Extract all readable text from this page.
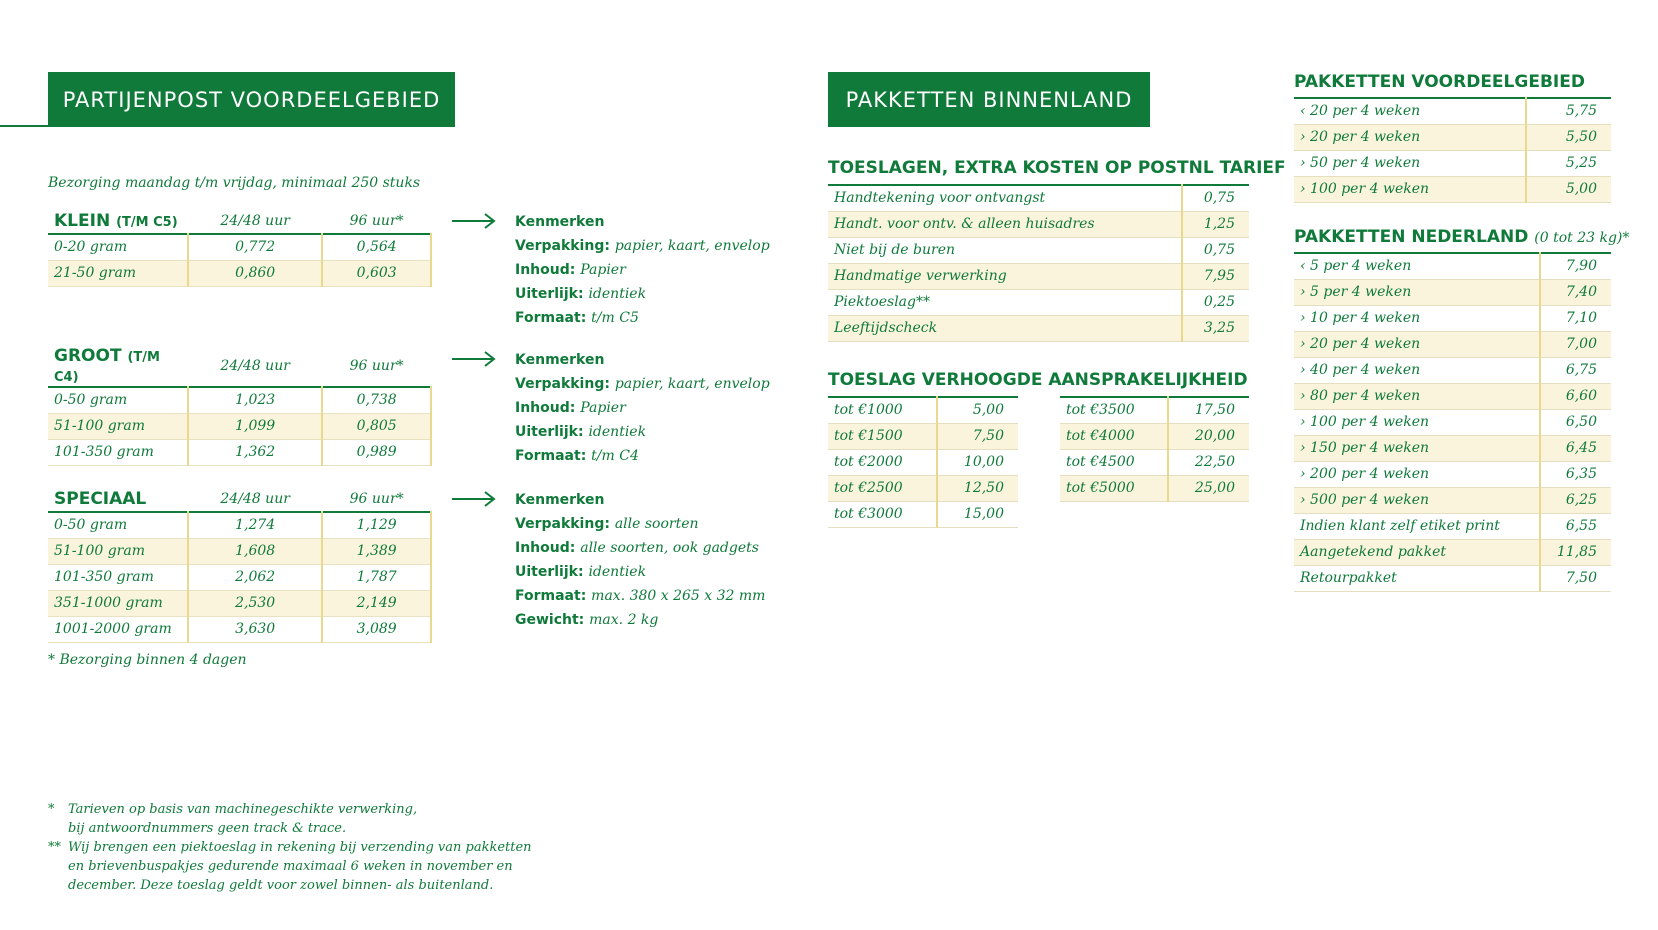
PARTIJENPOST VOORDEELGEBIED
Bezorging maandag t/m vrijdag, minimaal 250 stuks
KLEIN (T/M C5)	24/48 uur	96 uur*
0-20 gram	0,772	0,564
21-50 gram	0,860	0,603
Kenmerken
Verpakking: papier, kaart, envelop
Inhoud: Papier
Uiterlijk: identiek
Formaat: t/m C5
GROOT (T/M C4)	24/48 uur	96 uur*
0-50 gram	1,023	0,738
51-100 gram	1,099	0,805
101-350 gram	1,362	0,989
Kenmerken
Verpakking: papier, kaart, envelop
Inhoud: Papier
Uiterlijk: identiek
Formaat: t/m C4
SPECIAAL	24/48 uur	96 uur*
0-50 gram	1,274	1,129
51-100 gram	1,608	1,389
101-350 gram	2,062	1,787
351-1000 gram	2,530	2,149
1001-2000 gram	3,630	3,089
Kenmerken
Verpakking: alle soorten
Inhoud: alle soorten, ook gadgets
Uiterlijk: identiek
Formaat: max. 380 x 265 x 32 mm
Gewicht: max. 2 kg
* Bezorging binnen 4 dagen
PAKKETTEN BINNENLAND
TOESLAGEN, EXTRA KOSTEN OP POSTNL TARIEF
Handtekening voor ontvangst	0,75
Handt. voor ontv. & alleen huisadres	1,25
Niet bij de buren	0,75
Handmatige verwerking	7,95
Piektoeslag**	0,25
Leeftijdscheck	3,25
TOESLAG VERHOOGDE AANSPRAKELIJKHEID
tot €1000	5,00
tot €1500	7,50
tot €2000	10,00
tot €2500	12,50
tot €3000	15,00
tot €3500	17,50
tot €4000	20,00
tot €4500	22,50
tot €5000	25,00
PAKKETTEN VOORDEELGEBIED
‹ 20 per 4 weken	5,75
› 20 per 4 weken	5,50
› 50 per 4 weken	5,25
› 100 per 4 weken	5,00
PAKKETTEN NEDERLAND (0 tot 23 kg)*
‹ 5 per 4 weken	7,90
› 5 per 4 weken	7,40
› 10 per 4 weken	7,10
› 20 per 4 weken	7,00
› 40 per 4 weken	6,75
› 80 per 4 weken	6,60
› 100 per 4 weken	6,50
› 150 per 4 weken	6,45
› 200 per 4 weken	6,35
› 500 per 4 weken	6,25
Indien klant zelf etiket print	6,55
Aangetekend pakket	11,85
Retourpakket	7,50
*	Tarieven op basis van machinegeschikte verwerking,
bij antwoordnummers geen track & trace.
** Wij brengen een piektoeslag in rekening bij verzending van pakketten
en brievenbuspakjes gedurende maximaal 6 weken in november en
december. Deze toeslag geldt voor zowel binnen- als buitenland.
